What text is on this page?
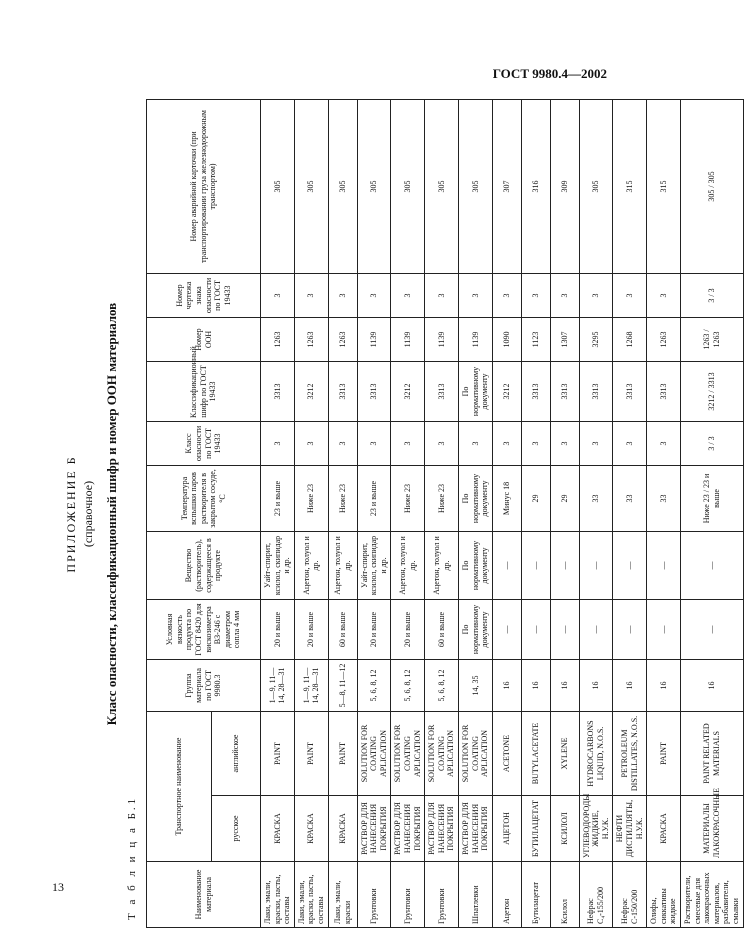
ГОСТ 9980.4—2002
ПРИЛОЖЕНИЕ Б (справочное) Класс опасности, классификационный шифр и номер ООН материалов
Т а б л и ц а Б.1	Наименование материала	Транспортное наименование		Группа материала по ГОСТ 9980.3	Условная вязкость продукта по ГОСТ 8420 для вискозиметра ВЗ-246 с диаметром сопла 4 мм	Вещество (растворитель), содержащееся в продукте	Температура вспышки паров растворителя в закрытом сосуде, °С	Класс опасности по ГОСТ 19433	Классификационный шифр по ГОСТ 19433	Номер ООН	Номер чертежа знака опасности по ГОСТ 19433	Номер аварийной карточки (при транспортировании груза железнодорожным транспортом)
	русское	английское									
Лаки, эмали, краски, пасты, составы	КРАСКА	PAINT	1—9, 11—14, 28—31	20 и выше	Уайт-спирит, ксилол, скипидар и др.	23 и выше	3	3313	1263	3	305
Лаки, эмали, краски, пасты, составы	КРАСКА	PAINT	1—9, 11—14, 28—31	20 и выше	Ацетон, толуол и др.	Ниже 23	3	3212	1263	3	305
Лаки, эмали, краски	КРАСКА	PAINT	5—8, 11—12	60 и выше	Ацетон, толуол и др.	Ниже 23	3	3313	1263	3	305
Грунтовки	РАСТВОР ДЛЯ НАНЕСЕНИЯ ПОКРЫТИЯ	SOLUTION FOR COATING APLICATION	5, 6, 8, 12	20 и выше	Уайт-спирит, ксилол, скипидар и др.	23 и выше	3	3313	1139	3	305
Грунтовки	РАСТВОР ДЛЯ НАНЕСЕНИЯ ПОКРЫТИЯ	SOLUTION FOR COATING APLICATION	5, 6, 8, 12	20 и выше	Ацетон, толуол и др.	Ниже 23	3	3212	1139	3	305
Грунтовки	РАСТВОР ДЛЯ НАНЕСЕНИЯ ПОКРЫТИЯ	SOLUTION FOR COATING APLICATION	5, 6, 8, 12	60 и выше	Ацетон, толуол и др.	Ниже 23	3	3313	1139	3	305
Шпатлевки	РАСТВОР ДЛЯ НАНЕСЕНИЯ ПОКРЫТИЯ	SOLUTION FOR COATING APLICATION	14, 35	По нормативному документу	По нормативному документу	По нормативному документу	3	По нормативному документу	1139	3	305
Ацетон	АЦЕТОН	ACETONE	16	—	—	Минус 18	3	3212	1090	3	307
Бутилацетат	БУТИЛАЦЕТАТ	BUTYLACETATE	16	—	—	29	3	3313	1123	3	316
Ксилол	КСИЛОЛ	XYLENE	16	—	—	29	3	3313	1307	3	309
Нефрас С₄-155/200	УГЛЕВОДОРОДЫ ЖИДКИЕ, Н.У.К.	HYDROCARBONS LIQUID, N.O.S.	16	—	—	33	3	3313	3295	3	305
Нефрас С-150/200	НЕФТИ ДИСТИЛЛЯТЫ, Н.У.К.	PETROLEUM DISTILLATES, N.O.S.	16	—	—	33	3	3313	1268	3	315
Олифы, сиккативы жидкие	КРАСКА	PAINT	16	—	—	33	3	3313	1263	3	315
Растворители, смесевые для лакокрасочных материалов, разбавители, смывки	МАТЕРИАЛЫ ЛАКОКРАСОЧНЫЕ	PAINT RELATED MATERIALS	16	—	—	Ниже 23 / 23 и выше	3 / 3	3212 / 3313	1263 / 1263	3 / 3	305 / 305
13
